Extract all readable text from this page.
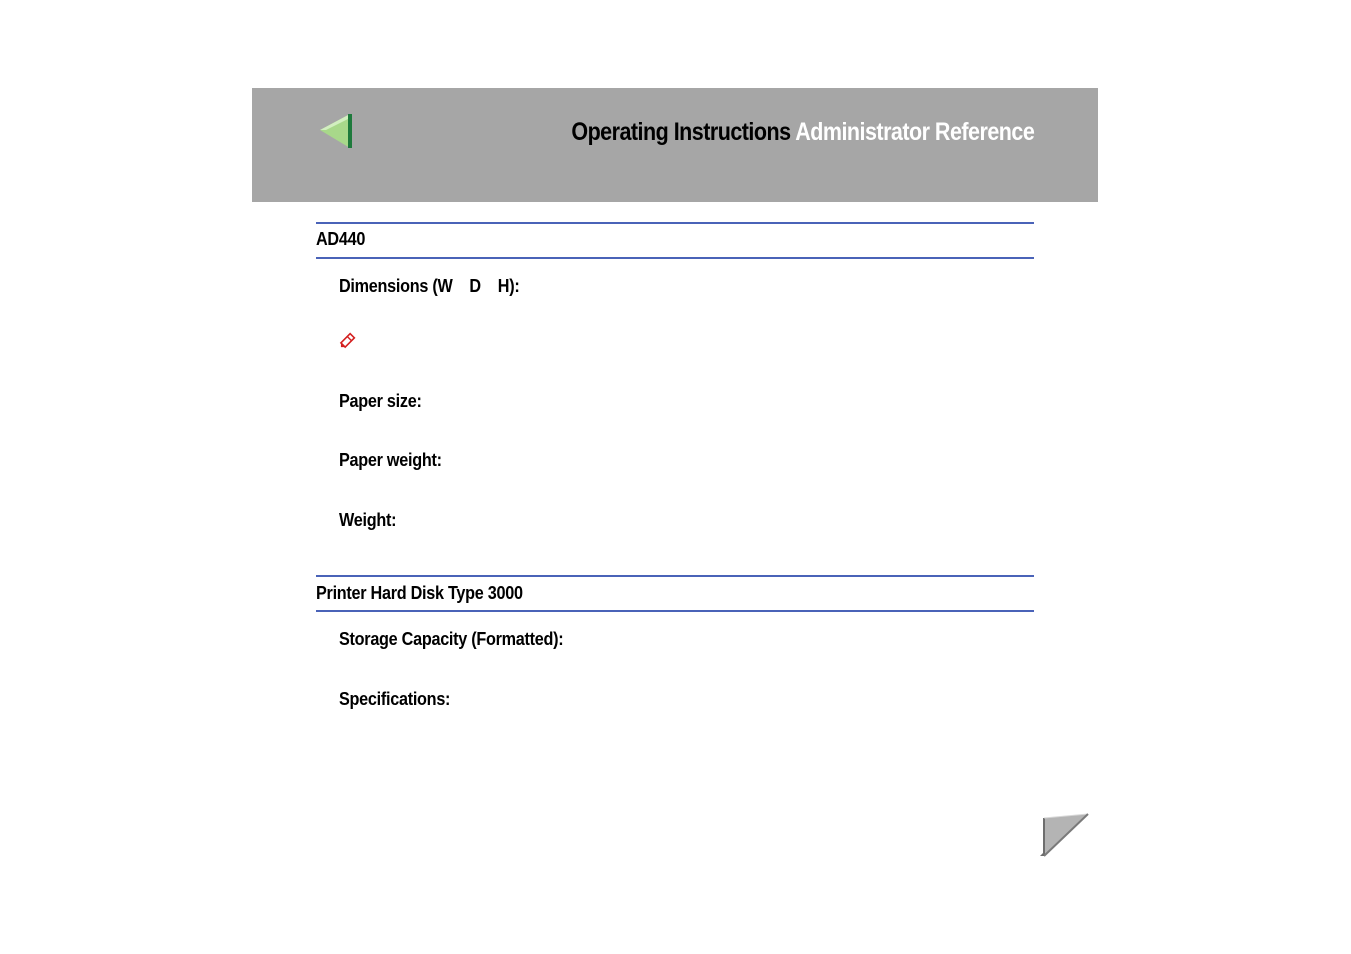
Operating Instructions Administrator Reference
AD440
Dimensions (W    D    H):
Paper size:
Paper weight:
Weight:
Printer Hard Disk Type 3000
Storage Capacity (Formatted):
Specifications:
